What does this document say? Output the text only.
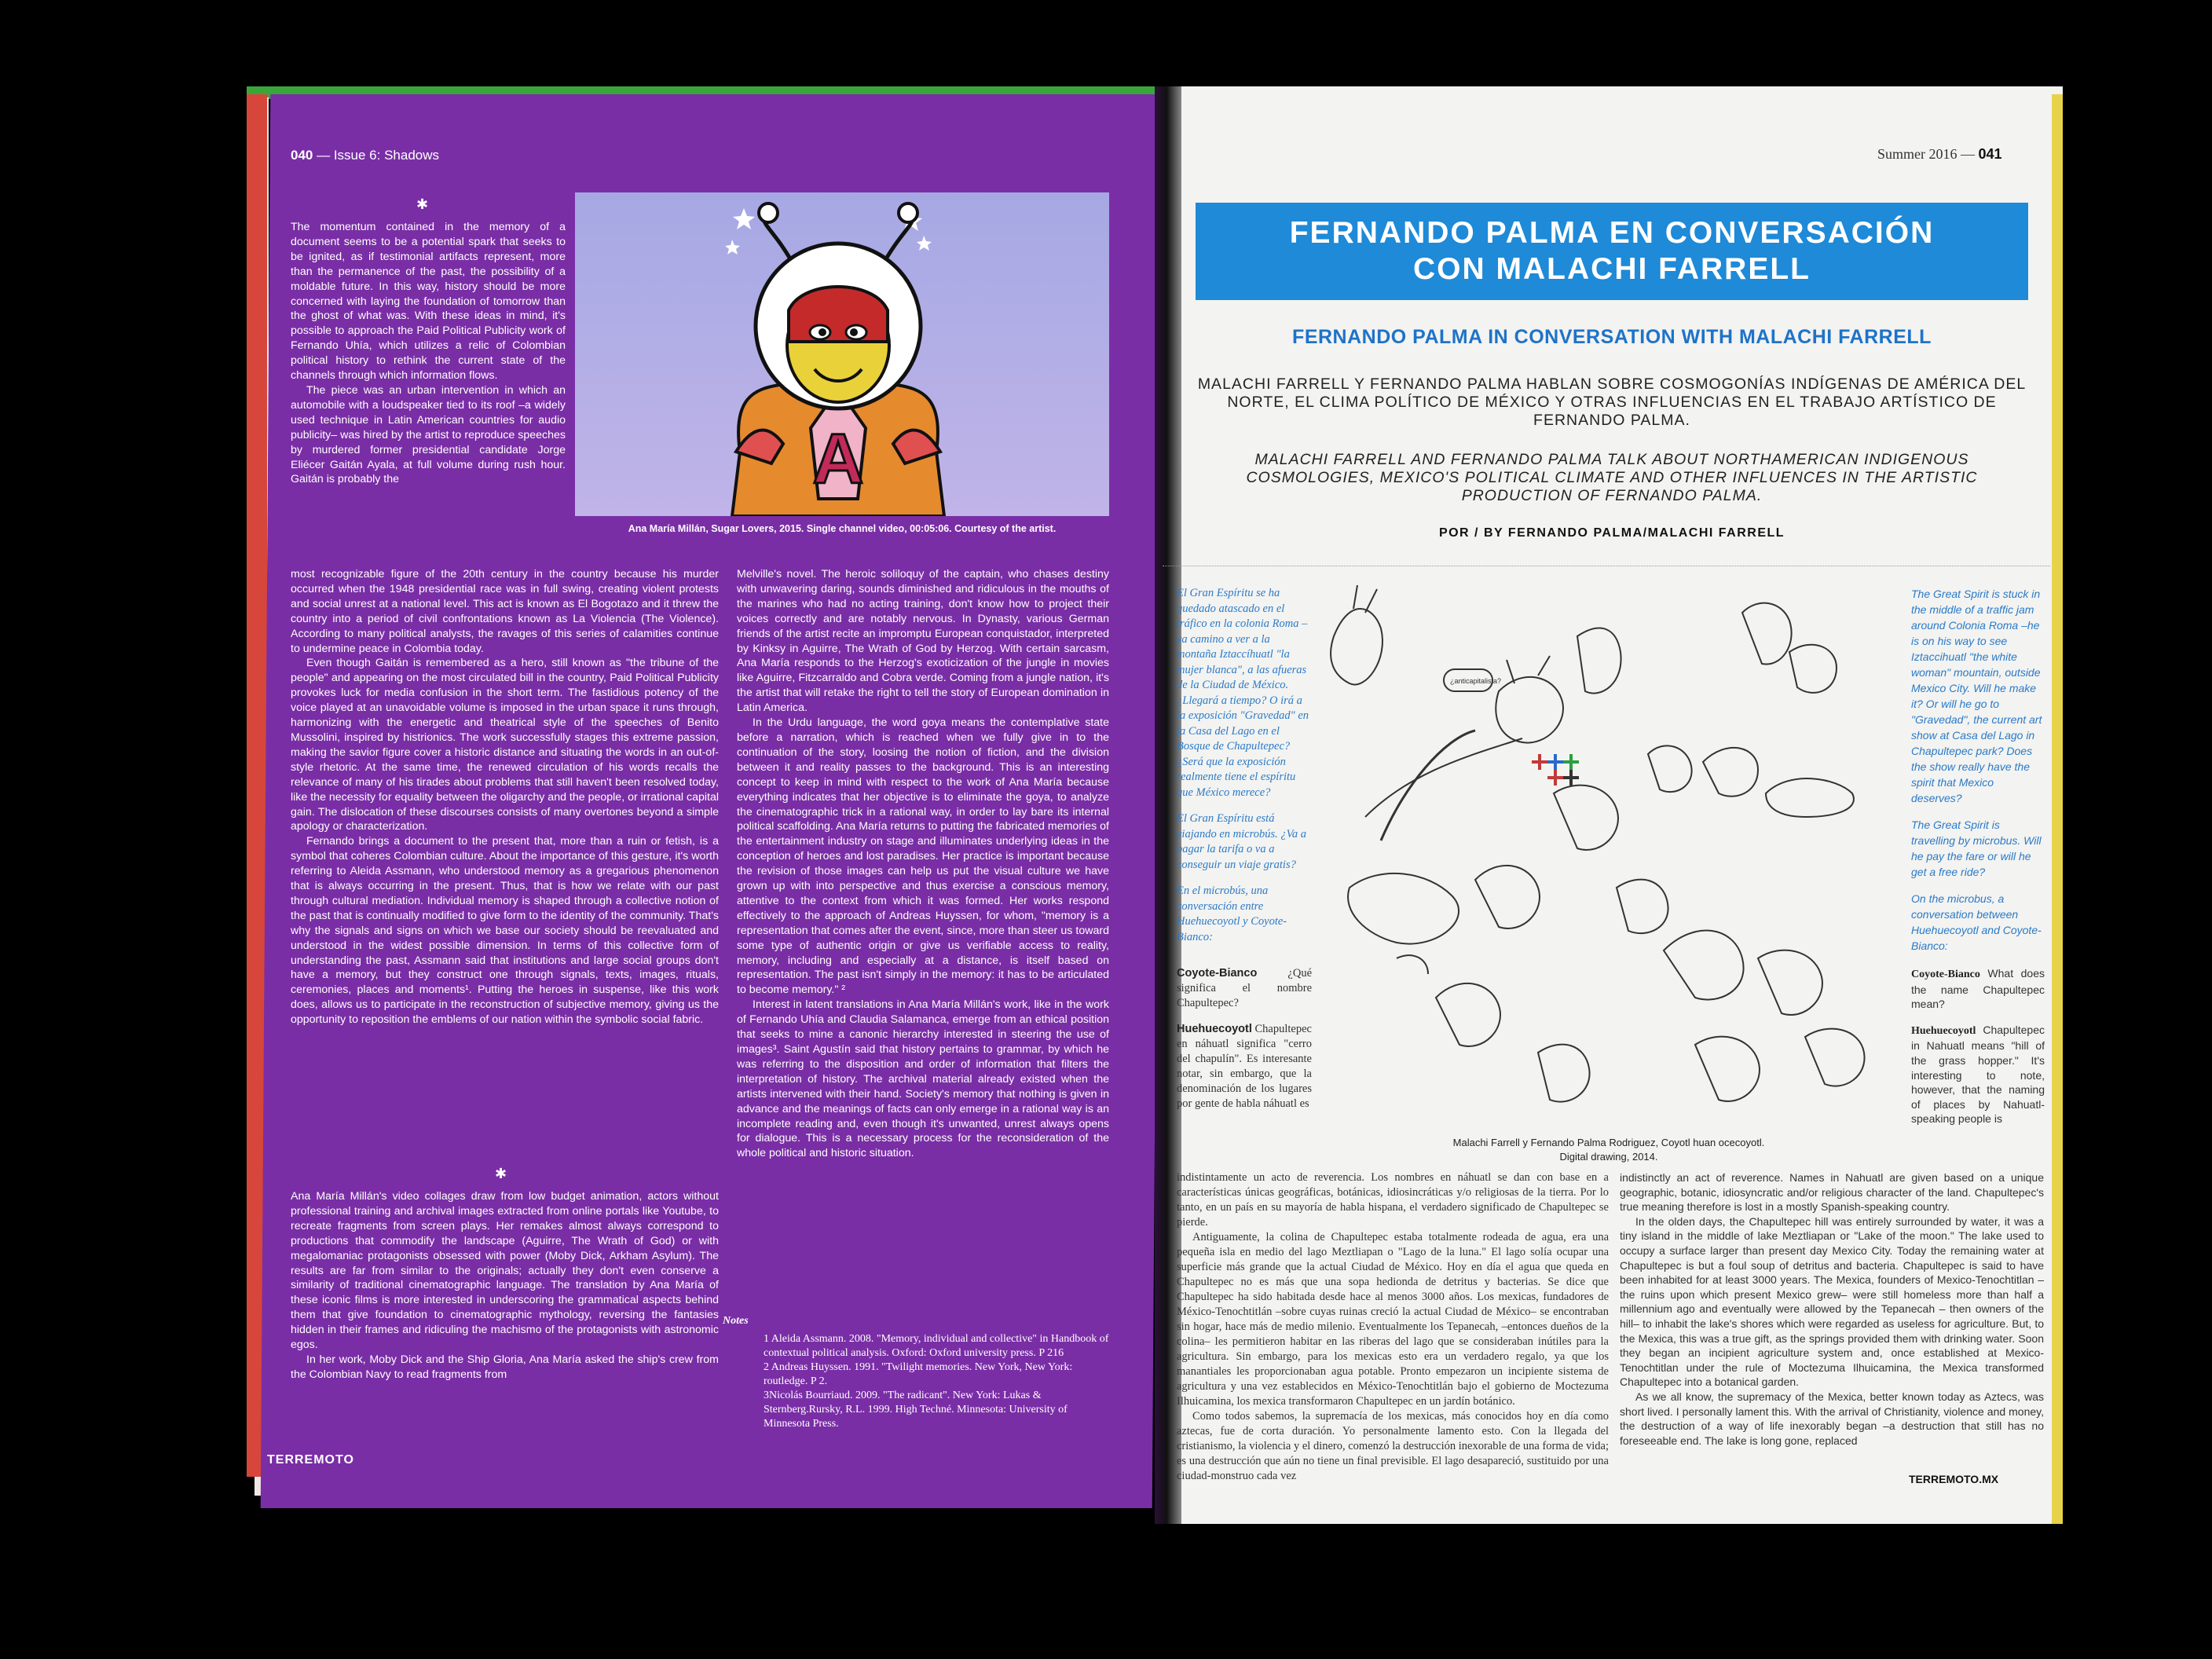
040 — Issue 6: Shadows
✱

The momentum contained in the memory of a document seems to be a potential spark that seeks to be ignited, as if testimonial artifacts represent, more than the permanence of the past, the possibility of a moldable future. In this way, history should be more concerned with laying the foundation of tomorrow than the ghost of what was. With these ideas in mind, it's possible to approach the Paid Political Publicity work of Fernando Uhía, which utilizes a relic of Colombian political history to rethink the current state of the channels through which information flows.

The piece was an urban intervention in which an automobile with a loudspeaker tied to its roof –a widely used technique in Latin American countries for audio publicity– was hired by the artist to reproduce speeches by murdered former presidential candidate Jorge Eliécer Gaitán Ayala, at full volume during rush hour. Gaitán is probably the	A
Ana María Millán, Sugar Lovers, 2015. Single channel video, 00:05:06. Courtesy of the artist.

most recognizable figure of the 20th century in the country because his murder occurred when the 1948 presidential race was in full swing, creating violent protests and social unrest at a national level. This act is known as El Bogotazo and it threw the country into a period of civil confrontations known as La Violencia (The Violence). According to many political analysts, the ravages of this series of calamities continue to undermine peace in Colombia today.

Even though Gaitán is remembered as a hero, still known as "the tribune of the people" and appearing on the most circulated bill in the country, Paid Political Publicity provokes luck for media confusion in the short term. The fastidious potency of the voice played at an unavoidable volume is imposed in the urban space it runs through, harmonizing with the energetic and theatrical style of the speeches of Benito Mussolini, inspired by histrionics. The work successfully stages this extreme passion, making the savior figure cover a historic distance and situating the words in an out-of-style rhetoric. At the same time, the renewed circulation of his words recalls the relevance of many of his tirades about problems that still haven't been resolved today, like the necessity for equality between the oligarchy and the people, or irrational capital gain. The dislocation of these discourses consists of many overtones beyond a simple apology or characterization.

Fernando brings a document to the present that, more than a ruin or fetish, is a symbol that coheres Colombian culture. About the importance of this gesture, it's worth referring to Aleida Assmann, who understood memory as a gregarious phenomenon that is always occurring in the present. Thus, that is how we relate with our past through cultural mediation. Individual memory is shaped through a collective notion of the past that is continually modified to give form to the identity of the community. That's why the signals and signs on which we base our society should be reevaluated and understood in the widest possible dimension. In terms of this collective form of understanding the past, Assmann said that institutions and large social groups don't have a memory, but they construct one through signals, texts, images, rituals, ceremonies, places and moments¹. Putting the heroes in suspense, like this work does, allows us to participate in the reconstruction of subjective memory, giving us the opportunity to reposition the emblems of our nation within the symbolic social fabric.

✱

Ana María Millán's video collages draw from low budget animation, actors without professional training and archival images extracted from online portals like Youtube, to recreate fragments from screen plays. Her remakes almost always correspond to productions that commodify the landscape (Aguirre, The Wrath of God) or with megalomaniac protagonists obsessed with power (Moby Dick, Arkham Asylum). The results are far from similar to the originals; actually they don't even conserve a similarity of traditional cinematographic language. The translation by Ana María of these iconic films is more interested in underscoring the grammatical aspects behind them that give foundation to cinematographic mythology, reversing the fantasies hidden in their frames and ridiculing the machismo of the protagonists with astronomic egos.

In her work, Moby Dick and the Ship Gloria, Ana María asked the ship's crew from the Colombian Navy to read fragments from

Melville's novel. The heroic soliloquy of the captain, who chases destiny with unwavering daring, sounds diminished and ridiculous in the mouths of the marines who had no acting training, don't know how to project their voices correctly and are notably nervous. In Dynasty, various German friends of the artist recite an impromptu European conquistador, interpreted by Kinksy in Aguirre, The Wrath of God by Herzog. With certain sarcasm, Ana María responds to the Herzog's exoticization of the jungle in movies like Aguirre, Fitzcarraldo and Cobra verde. Coming from a jungle nation, it's the artist that will retake the right to tell the story of European domination in Latin America.

In the Urdu language, the word goya means the contemplative state before a narration, which is reached when we fully give in to the continuation of the story, loosing the notion of fiction, and the division between it and reality passes to the background. This is an interesting concept to keep in mind with respect to the work of Ana María because everything indicates that her objective is to eliminate the goya, to analyze the cinematographic trick in a rational way, in order to lay bare its internal political scaffolding. Ana María returns to putting the fabricated memories of the entertainment industry on stage and illuminates underlying ideas in the conception of heroes and lost paradises. Her practice is important because the revision of those images can help us put the visual culture we have grown up with into perspective and thus exercise a conscious memory, attentive to the context from which it was formed. Her works respond effectively to the approach of Andreas Huyssen, for whom, "memory is a representation that comes after the event, since, more than steer us toward some type of authentic origin or give us verifiable access to reality, memory, including and especially at a distance, is itself based on representation. The past isn't simply in the memory: it has to be articulated to become memory." ²

Interest in latent translations in Ana María Millán's work, like in the work of Fernando Uhía and Claudia Salamanca, emerge from an ethical position that seeks to mine a canonic hierarchy interested in steering the use of images³. Saint Agustín said that history pertains to grammar, by which he was referring to the disposition and order of information that filters the interpretation of history. The archival material already existed when the artists intervened with their hand. Society's memory that nothing is given in advance and the meanings of facts can only emerge in a rational way is an incomplete reading and, even though it's unwanted, unrest always opens for dialogue. This is a necessary process for the reconsideration of the whole political and historic situation.

Notes
1 Aleida Assmann. 2008. "Memory, individual and collective" in Handbook of contextual political analysis. Oxford: Oxford university press. P 216
2 Andreas Huyssen. 1991. "Twilight memories. New York, New York: routledge. P 2.
3Nicolás Bourriaud. 2009. "The radicant". New York: Lukas & Sternberg.Rursky, R.L. 1999. High Techné. Minnesota: University of Minnesota Press.
TERREMOTO
Summer 2016 — 041
FERNANDO PALMA EN CONVERSACIÓN
CON MALACHI FARRELL
FERNANDO PALMA IN CONVERSATION WITH MALACHI FARRELL
MALACHI FARRELL Y FERNANDO PALMA HABLAN SOBRE COSMOGONÍAS INDÍGENAS DE AMÉRICA DEL NORTE, EL CLIMA POLÍTICO DE MÉXICO Y OTRAS INFLUENCIAS EN EL TRABAJO ARTÍSTICO DE FERNANDO PALMA.
MALACHI FARRELL AND FERNANDO PALMA TALK ABOUT NORTHAMERICAN INDIGENOUS COSMOLOGIES, MEXICO'S POLITICAL CLIMATE AND OTHER INFLUENCES IN THE ARTISTIC PRODUCTION OF FERNANDO PALMA.
POR / BY FERNANDO PALMA/MALACHI FARRELL
El Gran Espíritu se ha quedado atascado en el tráfico en la colonia Roma –va camino a ver a la montaña Iztaccíhuatl "la mujer blanca", a las afueras de la Ciudad de México. ¿Llegará a tiempo? O irá a la exposición "Gravedad" en la Casa del Lago en el Bosque de Chapultepec? ¿Será que la exposición realmente tiene el espíritu que México merece?
El Gran Espíritu está viajando en microbús. ¿Va a pagar la tarifa o va a conseguir un viaje gratis?
En el microbús, una conversación entre Huehuecoyotl y Coyote-Bianco:

Coyote-Bianco ¿Qué significa el nombre Chapultepec?

Huehuecoyotl Chapultepec en náhuatl significa "cerro del chapulín". Es interesante notar, sin embargo, que la denominación de los lugares por gente de habla náhuatl es

¿anticapitalista?
Malachi Farrell y Fernando Palma Rodriguez, Coyotl huan ocecoyotl.
Digital drawing, 2014.
The Great Spirit is stuck in the middle of a traffic jam around Colonia Roma –he is on his way to see Iztaccihuatl "the white woman" mountain, outside Mexico City. Will he make it? Or will he go to "Gravedad", the current art show at Casa del Lago in Chapultepec park? Does the show really have the spirit that Mexico deserves?
The Great Spirit is travelling by microbus. Will he pay the fare or will he get a free ride?
On the microbus, a conversation between Huehuecoyotl and Coyote-Bianco:

Coyote-Bianco What does the name Chapultepec mean?

Huehuecoyotl Chapultepec in Nahuatl means "hill of the grass hopper." It's interesting to note, however, that the naming of places by Nahuatl-speaking people is

indistintamente un acto de reverencia. Los nombres en náhuatl se dan con base en a características únicas geográficas, botánicas, idiosincráticas y/o religiosas de la tierra. Por lo tanto, en un país en su mayoría de habla hispana, el verdadero significado de Chapultepec se pierde.

Antiguamente, la colina de Chapultepec estaba totalmente rodeada de agua, era una pequeña isla en medio del lago Meztliapan o "Lago de la luna." El lago solía ocupar una superficie más grande que la actual Ciudad de México. Hoy en día el agua que queda en Chapultepec no es más que una sopa hedionda de detritus y bacterias. Se dice que Chapultepec ha sido habitada desde hace al menos 3000 años. Los mexicas, fundadores de México-Tenochtitlán –sobre cuyas ruinas creció la actual Ciudad de México– se encontraban sin hogar, hace más de medio milenio. Eventualmente los Tepanecah, –entonces dueños de la colina– les permitieron habitar en las riberas del lago que se consideraban inútiles para la agricultura. Sin embargo, para los mexicas esto era un verdadero regalo, ya que los manantiales les proporcionaban agua potable. Pronto empezaron un incipiente sistema de agricultura y una vez establecidos en México-Tenochtitlán bajo el gobierno de Moctezuma Ilhuicamina, los mexica transformaron Chapultepec en un jardín botánico.

Como todos sabemos, la supremacía de los mexicas, más conocidos hoy en día como aztecas, fue de corta duración. Yo personalmente lamento esto. Con la llegada del cristianismo, la violencia y el dinero, comenzó la destrucción inexorable de una forma de vida; es una destrucción que aún no tiene un final previsible. El lago desapareció, sustituido por una ciudad-monstruo cada vez

indistinctly an act of reverence. Names in Nahuatl are given based on a unique geographic, botanic, idiosyncratic and/or religious character of the land. Chapultepec's true meaning therefore is lost in a mostly Spanish-speaking country.

In the olden days, the Chapultepec hill was entirely surrounded by water, it was a tiny island in the middle of lake Meztliapan or "Lake of the moon." The lake used to occupy a surface larger than present day Mexico City. Today the remaining water at Chapultepec is but a foul soup of detritus and bacteria. Chapultepec is said to have been inhabited for at least 3000 years. The Mexica, founders of Mexico-Tenochtitlan –the ruins upon which present Mexico grew– were still homeless more than half a millennium ago and eventually were allowed by the Tepanecah – then owners of the hill– to inhabit the lake's shores which were regarded as useless for agriculture. But, to the Mexica, this was a true gift, as the springs provided them with drinking water. Soon they began an incipient agriculture system and, once established at Mexico-Tenochtitlan under the rule of Moctezuma Ilhuicamina, the Mexica transformed Chapultepec into a botanical garden.

As we all know, the supremacy of the Mexica, better known today as Aztecs, was short lived. I personally lament this. With the arrival of Christianity, violence and money, the destruction of a way of life inexorably began –a destruction that still has no foreseeable end. The lake is long gone, replaced

TERREMOTO.MX
